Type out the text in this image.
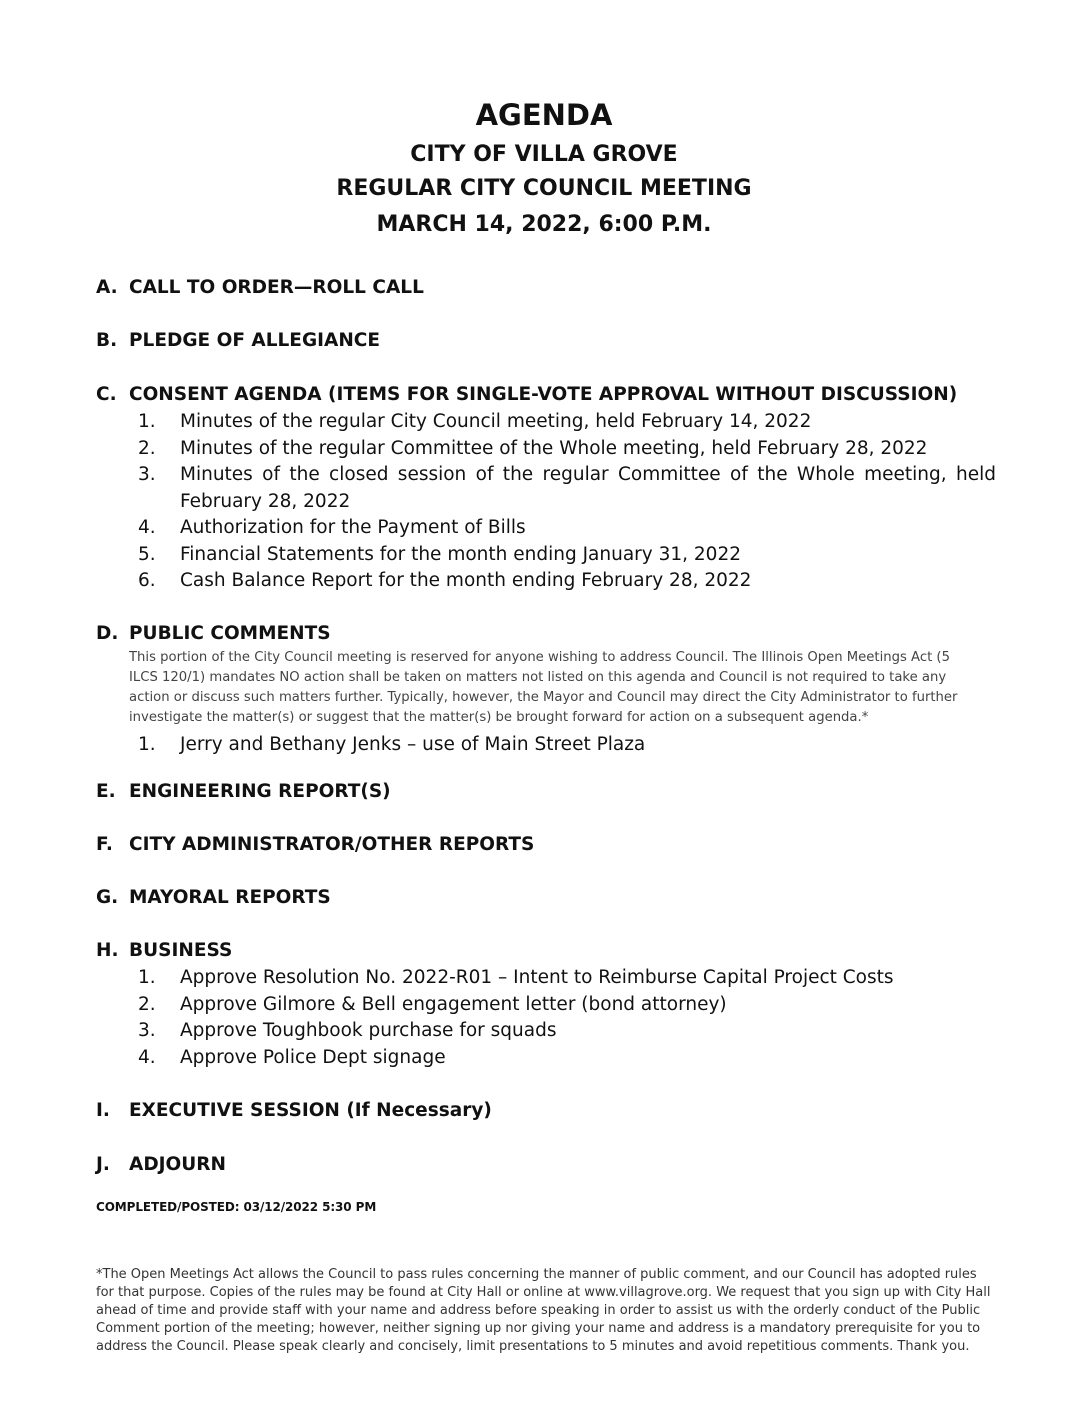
AGENDA
CITY OF VILLA GROVE
REGULAR CITY COUNCIL MEETING
MARCH 14, 2022, 6:00 P.M.
A. CALL TO ORDER—ROLL CALL
B. PLEDGE OF ALLEGIANCE
C. CONSENT AGENDA (ITEMS FOR SINGLE-VOTE APPROVAL WITHOUT DISCUSSION)
1.	Minutes of the regular City Council meeting, held February 14, 2022
2.	Minutes of the regular Committee of the Whole meeting, held February 28, 2022
3.	Minutes of the closed session of the regular Committee of the Whole meeting, held February 28, 2022
4.	Authorization for the Payment of Bills
5.	Financial Statements for the month ending January 31, 2022
6.	Cash Balance Report for the month ending February 28, 2022
D. PUBLIC COMMENTS
This portion of the City Council meeting is reserved for anyone wishing to address Council. The Illinois Open Meetings Act (5 ILCS 120/1) mandates NO action shall be taken on matters not listed on this agenda and Council is not required to take any action or discuss such matters further. Typically, however, the Mayor and Council may direct the City Administrator to further investigate the matter(s) or suggest that the matter(s) be brought forward for action on a subsequent agenda.*
1.	Jerry and Bethany Jenks – use of Main Street Plaza
E. ENGINEERING REPORT(S)
F. CITY ADMINISTRATOR/OTHER REPORTS
G. MAYORAL REPORTS
H. BUSINESS
1.	Approve Resolution No. 2022-R01 – Intent to Reimburse Capital Project Costs
2.	Approve Gilmore & Bell engagement letter (bond attorney)
3.	Approve Toughbook purchase for squads
4.	Approve Police Dept signage
I.	EXECUTIVE SESSION (If Necessary)
J.	ADJOURN
COMPLETED/POSTED: 03/12/2022 5:30 PM
*The Open Meetings Act allows the Council to pass rules concerning the manner of public comment, and our Council has adopted rules for that purpose. Copies of the rules may be found at City Hall or online at www.villagrove.org. We request that you sign up with City Hall ahead of time and provide staff with your name and address before speaking in order to assist us with the orderly conduct of the Public Comment portion of the meeting; however, neither signing up nor giving your name and address is a mandatory prerequisite for you to address the Council. Please speak clearly and concisely, limit presentations to 5 minutes and avoid repetitious comments. Thank you.
